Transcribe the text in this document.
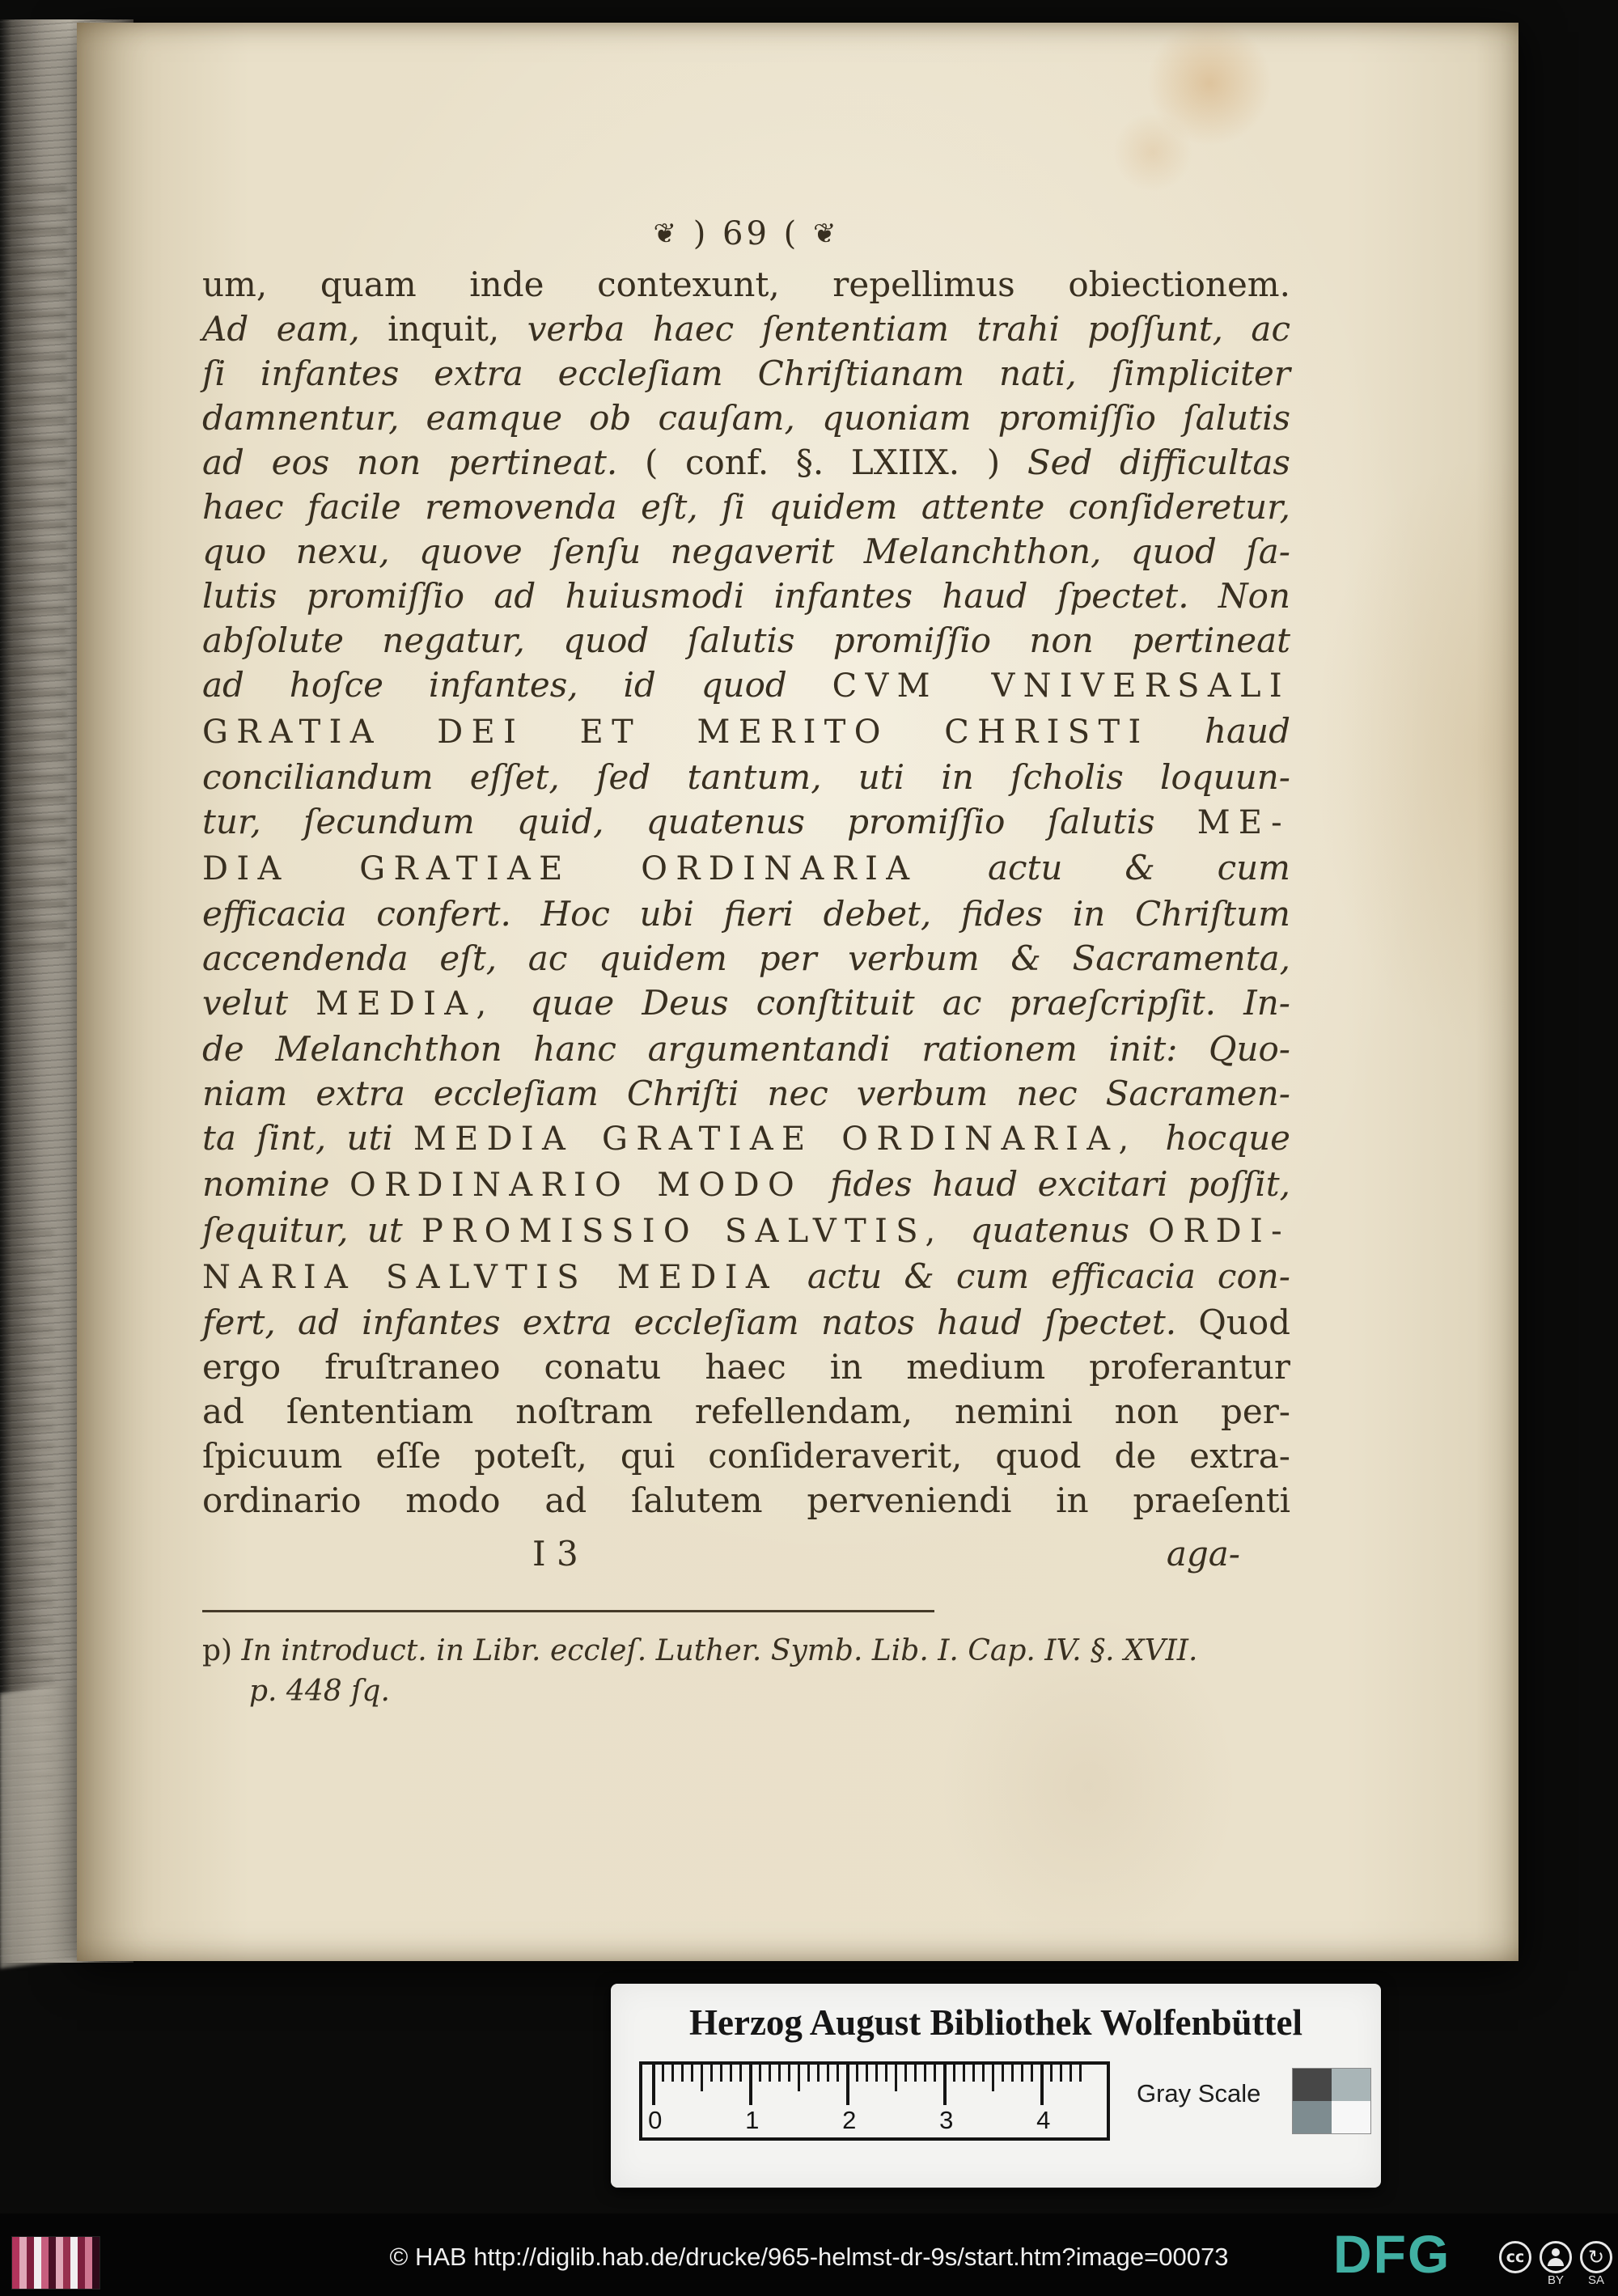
❦ ) 69 ( ❦
um, quam inde contexunt, repellimus obiectionem.
Ad eam, inquit, verba haec ſententiam trahi poſſunt, ac
ſi infantes extra eccleſiam Chriſtianam nati, ſimpliciter
damnentur, eamque ob cauſam, quoniam promiſſio ſalutis
ad eos non pertineat. ( conf. §. LXIIX. ) Sed difficultas
haec facile removenda eſt, ſi quidem attente conſideretur,
quo nexu, quove ſenſu negaverit Melanchthon, quod ſa-
lutis promiſſio ad huiusmodi infantes haud ſpectet. Non
abſolute negatur, quod ſalutis promiſſio non pertineat
ad hoſce infantes, id quod CVM VNIVERSALI
GRATIA DEI ET MERITO CHRISTI haud
conciliandum eſſet, ſed tantum, uti in ſcholis loquun-
tur, ſecundum quid, quatenus promiſſio ſalutis ME-
DIA GRATIAE ORDINARIA actu & cum
efficacia confert. Hoc ubi fieri debet, fides in Chriſtum
accendenda eſt, ac quidem per verbum & Sacramenta,
velut MEDIA, quae Deus conſtituit ac praeſcripſit. In-
de Melanchthon hanc argumentandi rationem init: Quo-
niam extra eccleſiam Chriſti nec verbum nec Sacramen-
ta ſint, uti MEDIA GRATIAE ORDINARIA, hocque
nomine ORDINARIO MODO fides haud excitari poſſit,
ſequitur, ut PROMISSIO SALVTIS, quatenus ORDI-
NARIA SALVTIS MEDIA actu & cum efficacia con-
fert, ad infantes extra eccleſiam natos haud ſpectet. Quod
ergo fruſtraneo conatu haec in medium proferantur
ad ſententiam noſtram refellendam, nemini non per-
ſpicuum eſſe poteſt, qui conſideraverit, quod de extra-
ordinario modo ad ſalutem perveniendi in praeſenti
I 3	aga-
p) In introduct. in Libr. eccleſ. Luther. Symb. Lib. I. Cap. IV. §. XVII.
p. 448 ſq.
Herzog August Bibliothek Wolfenbüttel
0	1	2	3	4
Gray Scale
© HAB http://diglib.hab.de/drucke/965-helmst-dr-9s/start.htm?image=00073 DFG	cc
BY
↻
SA
